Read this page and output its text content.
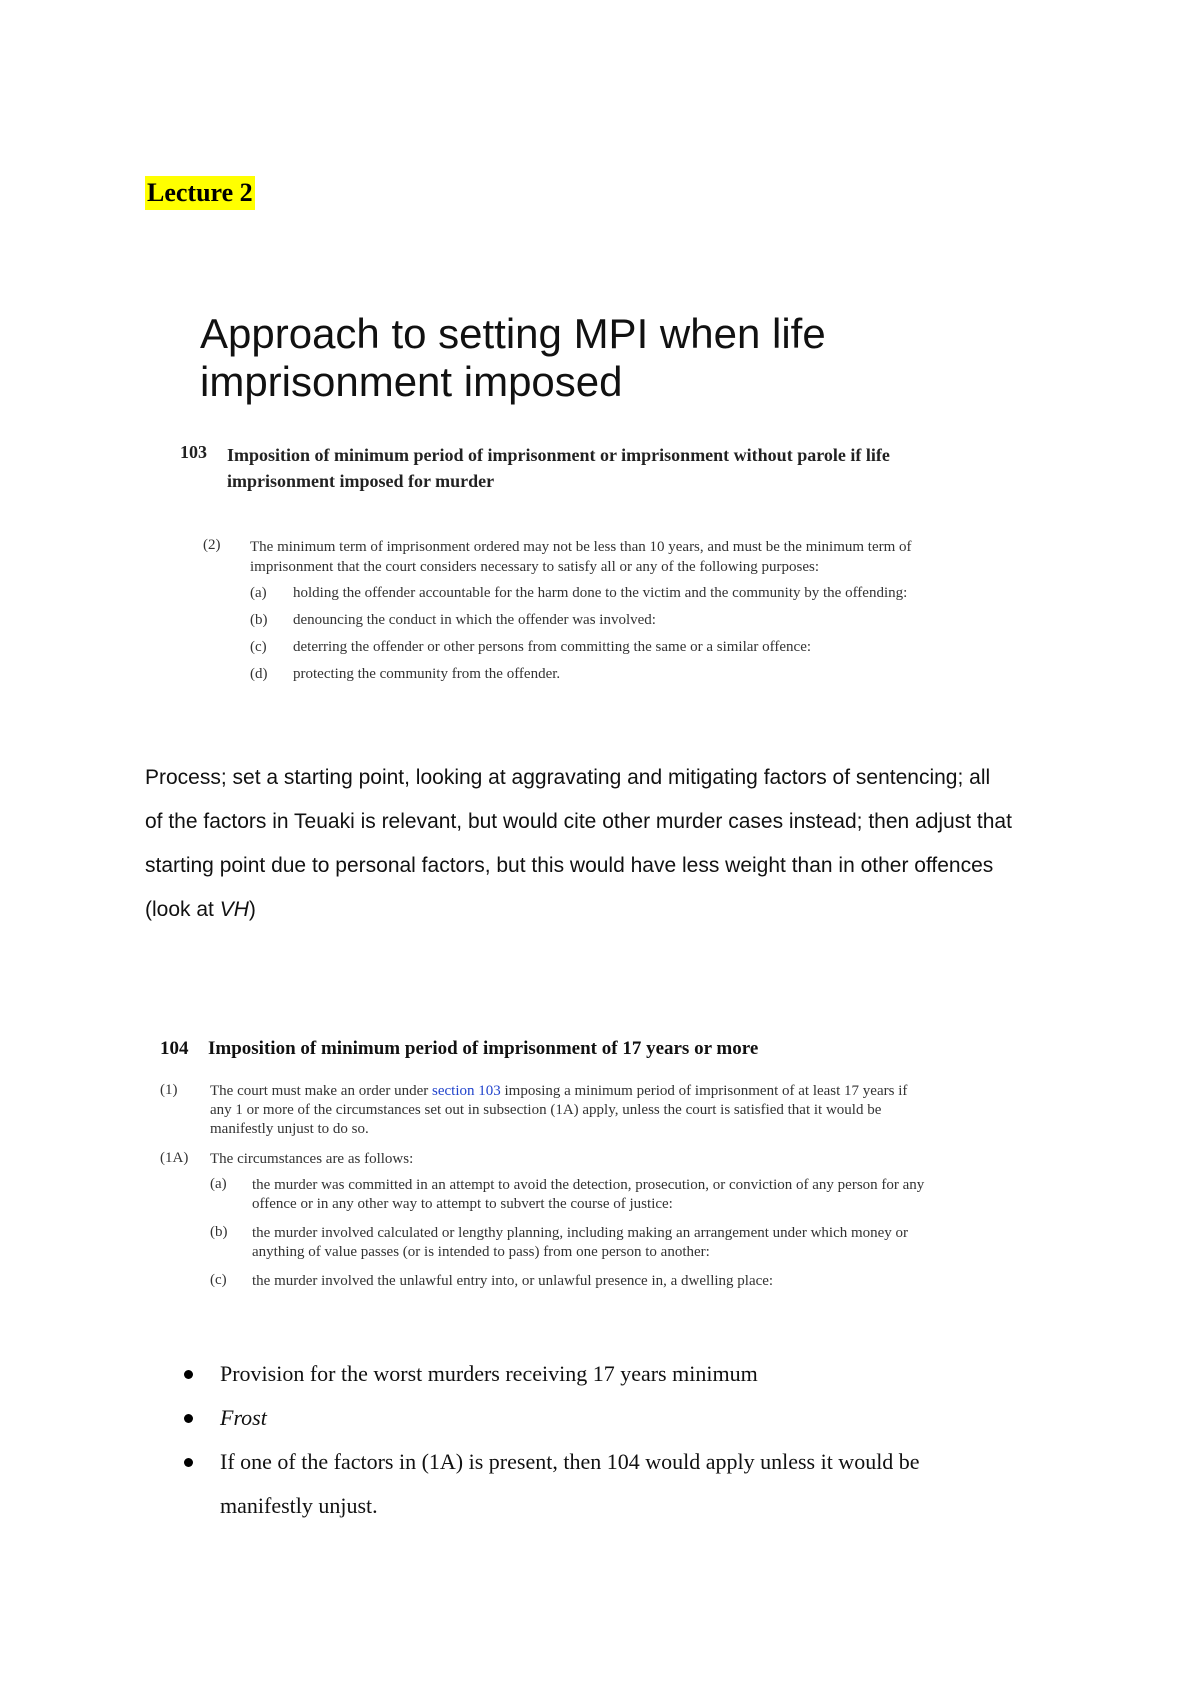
Lecture 2
Approach to setting MPI when life
imprisonment imposed
103 Imposition of minimum period of imprisonment or imprisonment without parole if life
imprisonment imposed for murder
(2) The minimum term of imprisonment ordered may not be less than 10 years, and must be the minimum term of
imprisonment that the court considers necessary to satisfy all or any of the following purposes:
(a) holding the offender accountable for the harm done to the victim and the community by the offending:
(b) denouncing the conduct in which the offender was involved:
(c) deterring the offender or other persons from committing the same or a similar offence:
(d) protecting the community from the offender.
Process; set a starting point, looking at aggravating and mitigating factors of sentencing; all
of the factors in Teuaki is relevant, but would cite other murder cases instead; then adjust that
starting point due to personal factors, but this would have less weight than in other offences
(look at VH)
104 Imposition of minimum period of imprisonment of 17 years or more
(1) The court must make an order under section 103 imposing a minimum period of imprisonment of at least 17 years if
any 1 or more of the circumstances set out in subsection (1A) apply, unless the court is satisfied that it would be
manifestly unjust to do so.
(1A) The circumstances are as follows:
(a) the murder was committed in an attempt to avoid the detection, prosecution, or conviction of any person for any
offence or in any other way to attempt to subvert the course of justice:
(b) the murder involved calculated or lengthy planning, including making an arrangement under which money or
anything of value passes (or is intended to pass) from one person to another:
(c) the murder involved the unlawful entry into, or unlawful presence in, a dwelling place:
Provision for the worst murders receiving 17 years minimum
Frost
If one of the factors in (1A) is present, then 104 would apply unless it would be
manifestly unjust.
